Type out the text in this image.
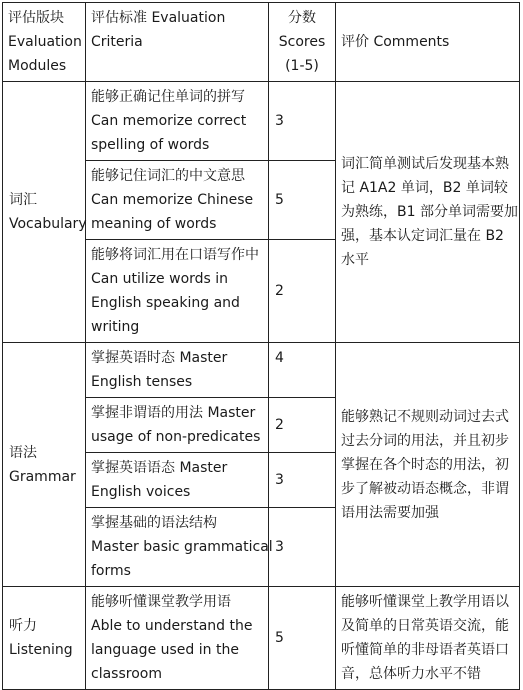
评估版块
Evaluation
Modules	评估标准 Evaluation
Criteria	分数
Scores
(1-5)	评价 Comments

词汇
Vocabulary	能够正确记住单词的拼写
Can memorize correct
spelling of words	3	词汇简单测试后发现基本熟
记 A1A2 单词，B2 单词较
为熟练，B1 部分单词需要加
强，基本认定词汇量在 B2
水平

	能够记住词汇的中文意思
Can memorize Chinese
meaning of words	5	

	能够将词汇用在口语写作中
Can utilize words in
English speaking and
writing	2	

语法
Grammar	掌握英语时态 Master
English tenses	4	能够熟记不规则动词过去式
过去分词的用法，并且初步
掌握在各个时态的用法，初
步了解被动语态概念，非谓
语用法需要加强

	掌握非谓语的用法 Master
usage of non-predicates	2	

	掌握英语语态 Master
English voices	3	

	掌握基础的语法结构
Master basic grammatical
forms	3	

听力
Listening	能够听懂课堂教学用语
Able to understand the
language used in the
classroom	5	能够听懂课堂上教学用语以
及简单的日常英语交流，能
听懂简单的非母语者英语口
音，总体听力水平不错
